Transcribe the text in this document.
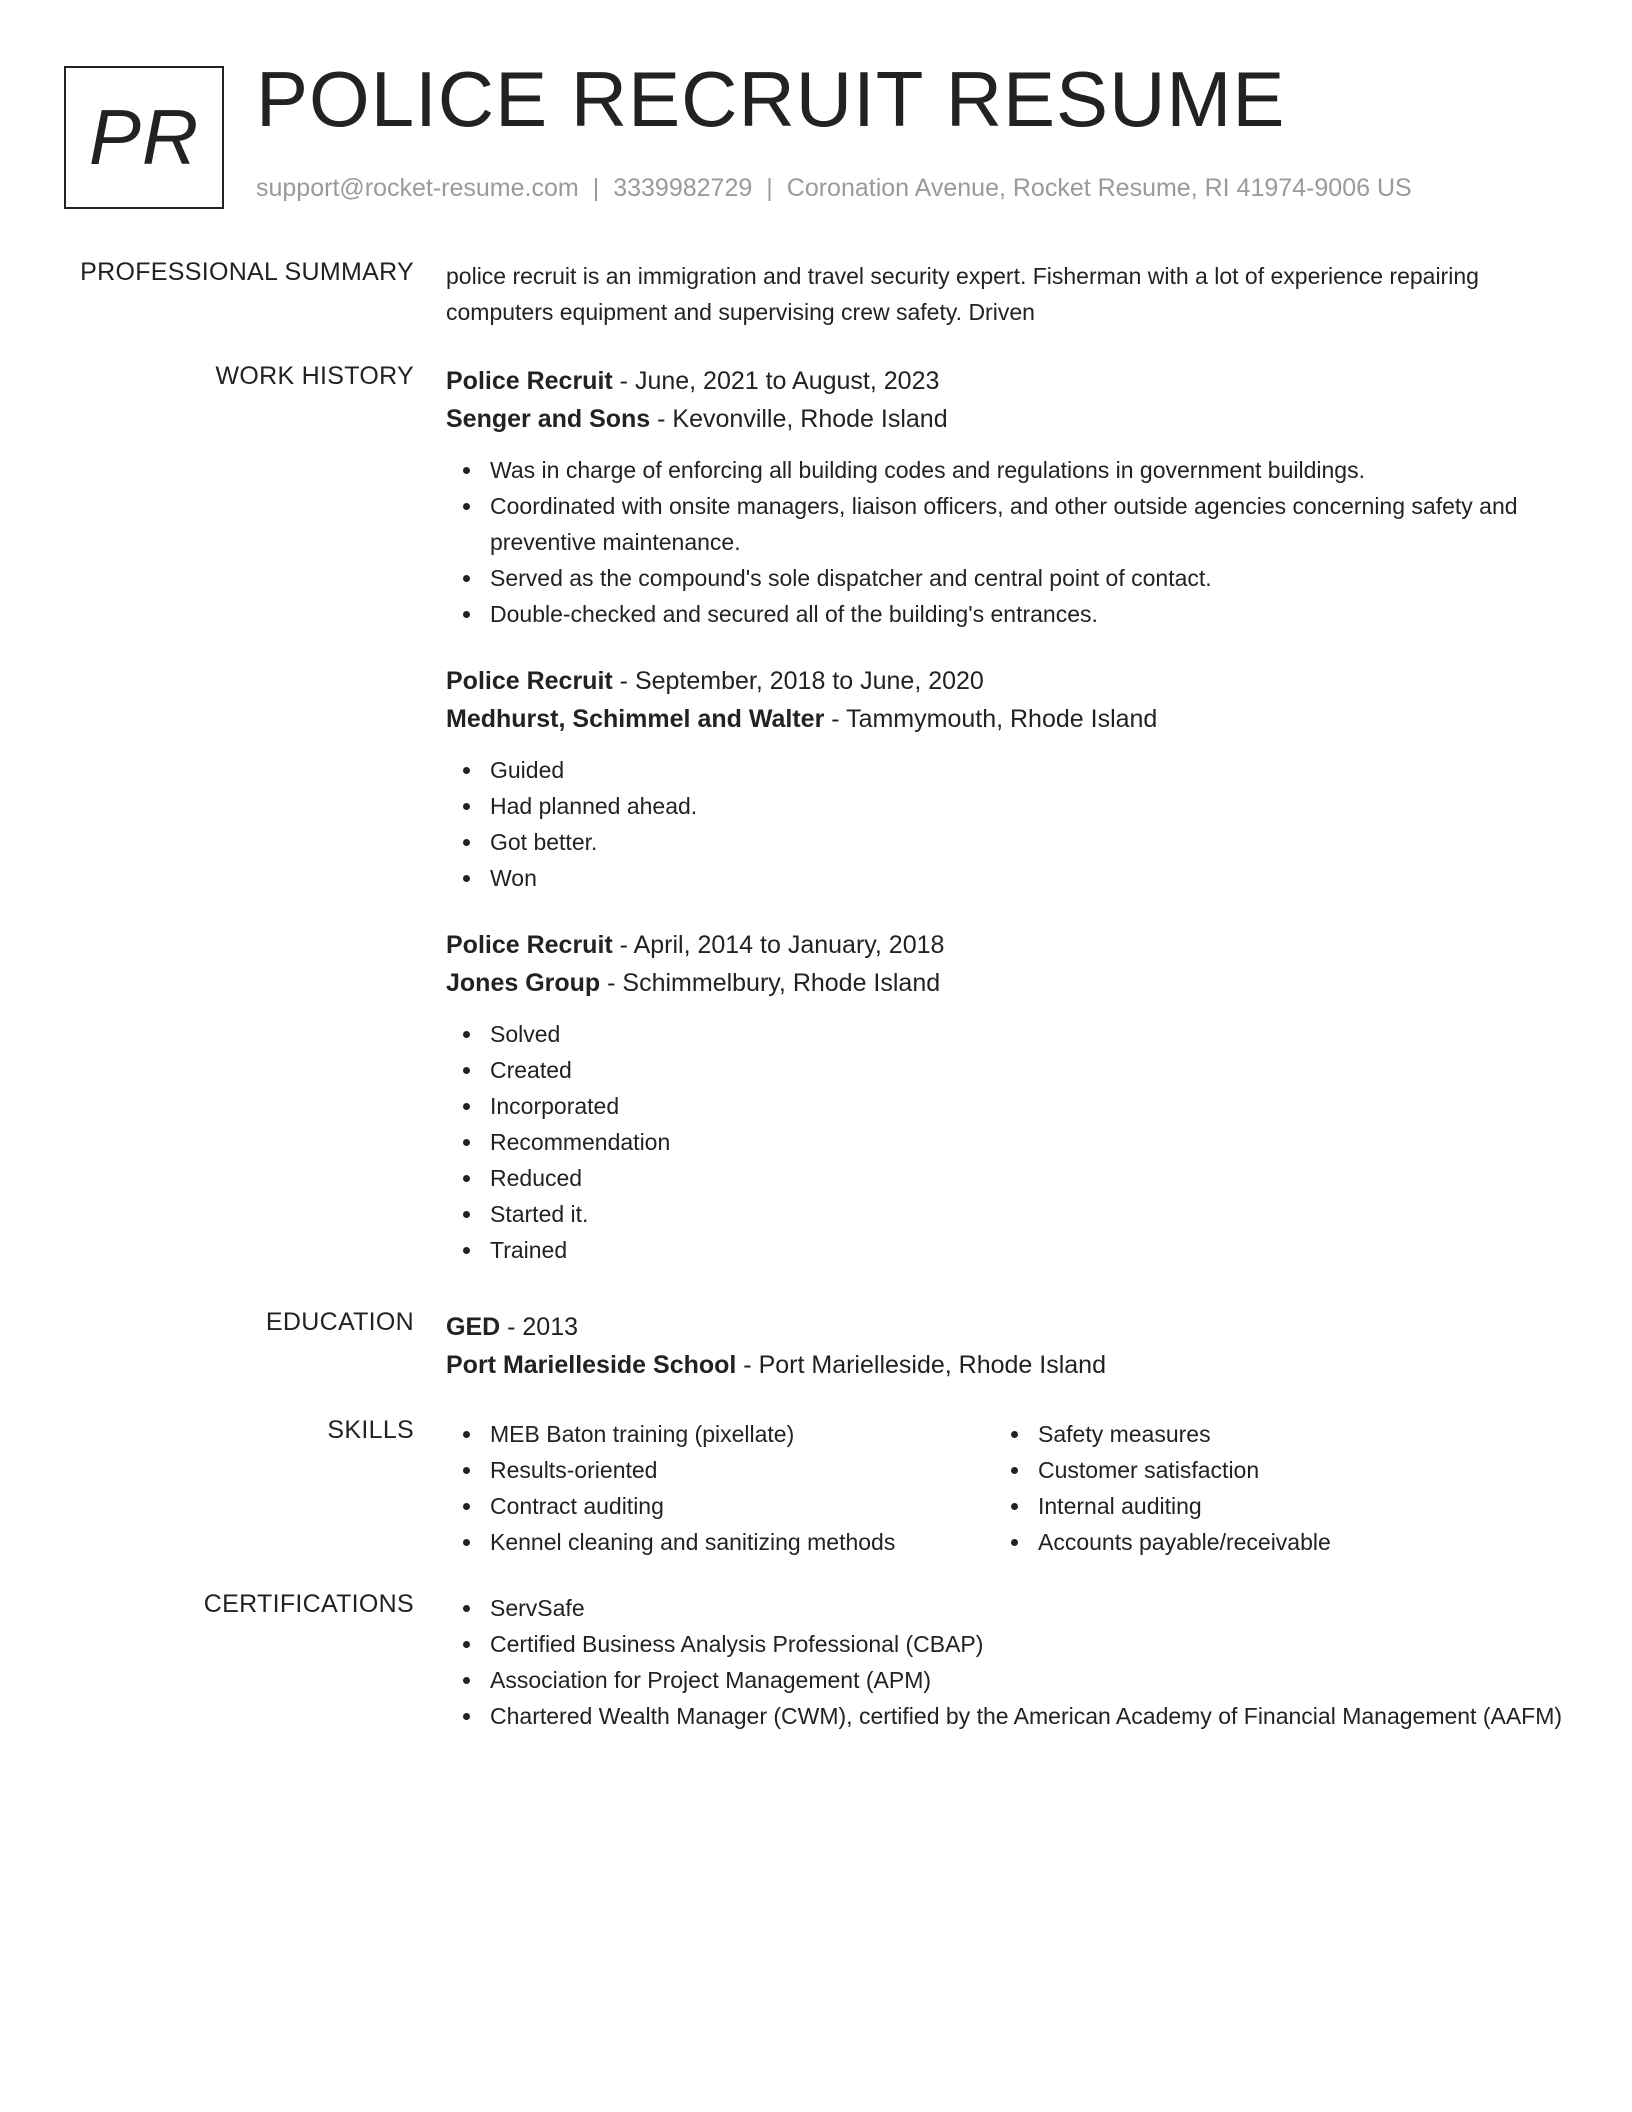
PR POLICE RECRUIT RESUME
support@rocket-resume.com | 3339982729 | Coronation Avenue, Rocket Resume, RI 41974-9006 US
PROFESSIONAL SUMMARY police recruit is an immigration and travel security expert. Fisherman with a lot of experience repairing computers equipment and supervising crew safety. Driven

WORK HISTORY Police Recruit - June, 2021 to August, 2023
Senger and Sons - Kevonville, Rhode Island
Was in charge of enforcing all building codes and regulations in government buildings.
Coordinated with onsite managers, liaison officers, and other outside agencies concerning safety and preventive maintenance.
Served as the compound's sole dispatcher and central point of contact.
Double-checked and secured all of the building's entrances.
Police Recruit - September, 2018 to June, 2020
Medhurst, Schimmel and Walter - Tammymouth, Rhode Island
Guided
Had planned ahead.
Got better.
Won
Police Recruit - April, 2014 to January, 2018
Jones Group - Schimmelbury, Rhode Island
Solved
Created
Incorporated
Recommendation
Reduced
Started it.
Trained
EDUCATION GED - 2013
Port Marielleside School - Port Marielleside, Rhode Island
SKILLS	MEB Baton training (pixellate)
Results-oriented
Contract auditing
Kennel cleaning and sanitizing methods
Safety measures
Customer satisfaction
Internal auditing
Accounts payable/receivable
CERTIFICATIONS	ServSafe
Certified Business Analysis Professional (CBAP)
Association for Project Management (APM)
Chartered Wealth Manager (CWM), certified by the American Academy of Financial Management (AAFM)
